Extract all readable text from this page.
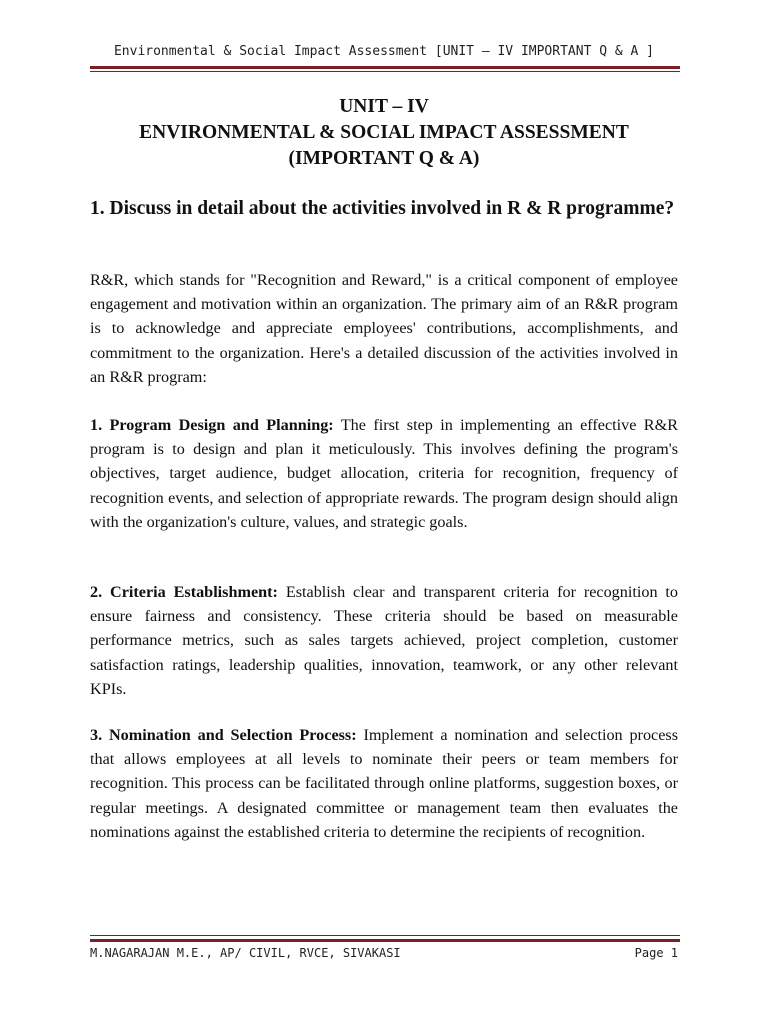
Environmental & Social Impact Assessment [UNIT – IV IMPORTANT Q & A ]
UNIT – IV
ENVIRONMENTAL & SOCIAL IMPACT ASSESSMENT
(IMPORTANT Q & A)
1. Discuss in detail about the activities involved in R & R programme?
R&R, which stands for "Recognition and Reward," is a critical component of employee engagement and motivation within an organization. The primary aim of an R&R program is to acknowledge and appreciate employees' contributions, accomplishments, and commitment to the organization. Here's a detailed discussion of the activities involved in an R&R program:
1. Program Design and Planning: The first step in implementing an effective R&R program is to design and plan it meticulously. This involves defining the program's objectives, target audience, budget allocation, criteria for recognition, frequency of recognition events, and selection of appropriate rewards. The program design should align with the organization's culture, values, and strategic goals.
2. Criteria Establishment: Establish clear and transparent criteria for recognition to ensure fairness and consistency. These criteria should be based on measurable performance metrics, such as sales targets achieved, project completion, customer satisfaction ratings, leadership qualities, innovation, teamwork, or any other relevant KPIs.
3. Nomination and Selection Process: Implement a nomination and selection process that allows employees at all levels to nominate their peers or team members for recognition. This process can be facilitated through online platforms, suggestion boxes, or regular meetings. A designated committee or management team then evaluates the nominations against the established criteria to determine the recipients of recognition.
M.NAGARAJAN M.E., AP/ CIVIL, RVCE, SIVAKASI	Page 1
